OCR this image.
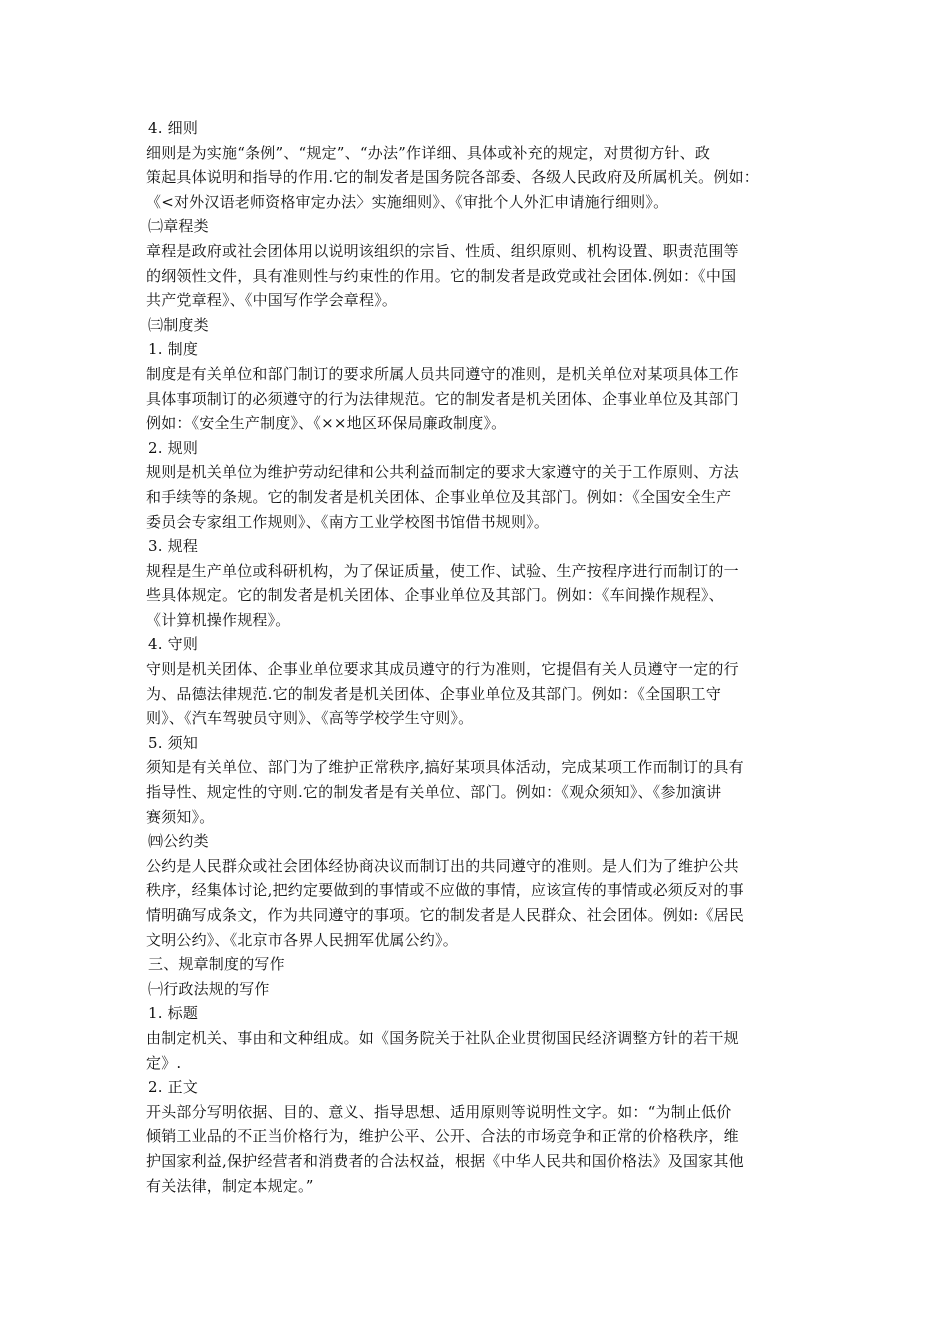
4. 细则
细则是为实施“条例”、“规定”、“办法”作详细、具体或补充的规定，对贯彻方针、政
策起具体说明和指导的作用.它的制发者是国务院各部委、各级人民政府及所属机关。例如：
《<对外汉语老师资格审定办法〉实施细则》、《审批个人外汇申请施行细则》。
㈡章程类
章程是政府或社会团体用以说明该组织的宗旨、性质、组织原则、机构设置、职责范围等
的纲领性文件，具有准则性与约束性的作用。它的制发者是政党或社会团体.例如：《中国
共产党章程》、《中国写作学会章程》。
㈢制度类
1. 制度
制度是有关单位和部门制订的要求所属人员共同遵守的准则，是机关单位对某项具体工作
具体事项制订的必须遵守的行为法律规范。它的制发者是机关团体、企事业单位及其部门
例如：《安全生产制度》、《××地区环保局廉政制度》。
2. 规则
规则是机关单位为维护劳动纪律和公共利益而制定的要求大家遵守的关于工作原则、方法
和手续等的条规。它的制发者是机关团体、企事业单位及其部门。例如：《全国安全生产
委员会专家组工作规则》、《南方工业学校图书馆借书规则》。
3. 规程
规程是生产单位或科研机构，为了保证质量，使工作、试验、生产按程序进行而制订的一
些具体规定。它的制发者是机关团体、企事业单位及其部门。例如：《车间操作规程》、
《计算机操作规程》。
4. 守则
守则是机关团体、企事业单位要求其成员遵守的行为准则，它提倡有关人员遵守一定的行
为、品德法律规范.它的制发者是机关团体、企事业单位及其部门。例如：《全国职工守
则》、《汽车驾驶员守则》、《高等学校学生守则》。
5. 须知
须知是有关单位、部门为了维护正常秩序,搞好某项具体活动，完成某项工作而制订的具有
指导性、规定性的守则.它的制发者是有关单位、部门。例如：《观众须知》、《参加演讲
赛须知》。
㈣公约类
公约是人民群众或社会团体经协商决议而制订出的共同遵守的准则。是人们为了维护公共
秩序，经集体讨论,把约定要做到的事情或不应做的事情，应该宣传的事情或必须反对的事
情明确写成条文，作为共同遵守的事项。它的制发者是人民群众、社会团体。例如:《居民
文明公约》、《北京市各界人民拥军优属公约》。
三、规章制度的写作
㈠行政法规的写作
1. 标题
由制定机关、事由和文种组成。如《国务院关于社队企业贯彻国民经济调整方针的若干规
定》.
2. 正文
开头部分写明依据、目的、意义、指导思想、适用原则等说明性文字。如：“为制止低价
倾销工业品的不正当价格行为，维护公平、公开、合法的市场竞争和正常的价格秩序，维
护国家利益,保护经营者和消费者的合法权益，根据《中华人民共和国价格法》及国家其他
有关法律，制定本规定。”
